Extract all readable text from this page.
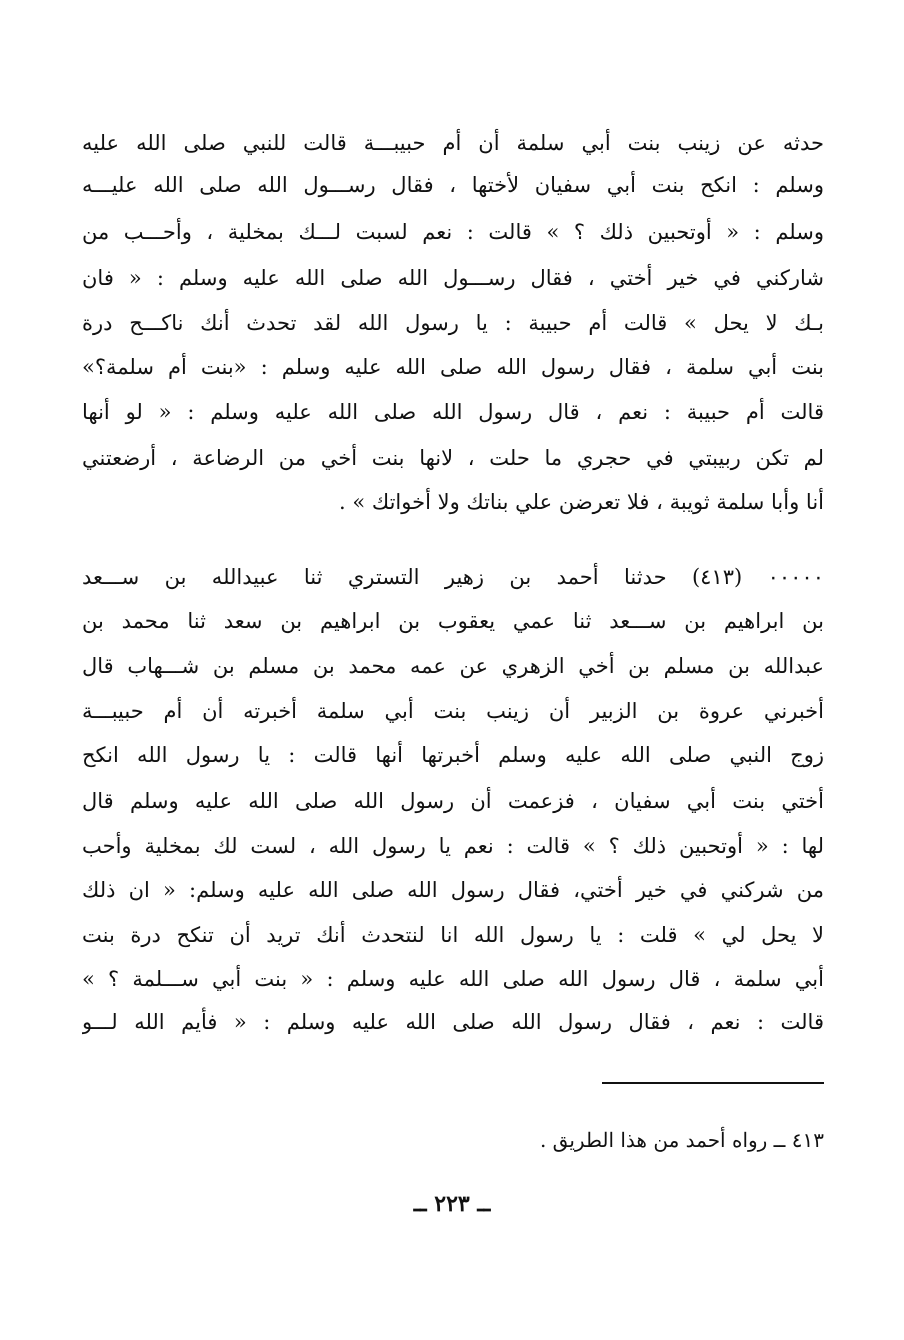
حدثه عن زينب بنت أبي سلمة أن أم حبيبـــة قالت للنبي صلى الله عليه
وسلم : انكح بنت أبي سفيان لأختها ، فقال رســـول الله صلى الله عليـــه
وسلم : « أوتحبين ذلك ؟ » قالت : نعم لسبت لـــك بمخلية ، وأحـــب من
شاركني في خير أختي ، فقال رســـول الله صلى الله عليه وسلم : « فان
بـك لا يحل » قالت أم حبيبة : يا رسول الله لقد تحدث أنك ناكـــح درة
بنت أبي سلمة ، فقال رسول الله صلى الله عليه وسلم : «بنت أم سلمة؟»
قالت أم حبيبة : نعم ، قال رسول الله صلى الله عليه وسلم : « لو أنها
لم تكن ربيبتي في حجري ما حلت ، لانها بنت أخي من الرضاعة ، أرضعتني
أنا وأبا سلمة ثويبة ، فلا تعرضن علي بناتك ولا أخواتك » .
٠٠٠٠٠ (٤١٣) حدثنا أحمد بن زهير التستري ثنا عبيدالله بن ســـعد
بن ابراهيم بن ســـعد ثنا عمي يعقوب بن ابراهيم بن سعد ثنا محمد بن
عبدالله بن مسلم بن أخي الزهري عن عمه محمد بن مسلم بن شـــهاب قال
أخبرني عروة بن الزبير أن زينب بنت أبي سلمة أخبرته أن أم حبيبـــة
زوج النبي صلى الله عليه وسلم أخبرتها أنها قالت : يا رسول الله انكح
أختي بنت أبي سفيان ، فزعمت أن رسول الله صلى الله عليه وسلم قال
لها : « أوتحبين ذلك ؟ » قالت : نعم يا رسول الله ، لست لك بمخلية وأحب
من شركني في خير أختي، فقال رسول الله صلى الله عليه وسلم: « ان ذلك
لا يحل لي » قلت : يا رسول الله انا لنتحدث أنك تريد أن تنكح درة بنت
أبي سلمة ، قال رسول الله صلى الله عليه وسلم : « بنت أبي ســـلمة ؟ »
قالت : نعم ، فقال رسول الله صلى الله عليه وسلم : « فأيم الله لـــو
٤١٣ ــ رواه أحمد من هذا الطريق .
ــ ٢٢٣ ــ
